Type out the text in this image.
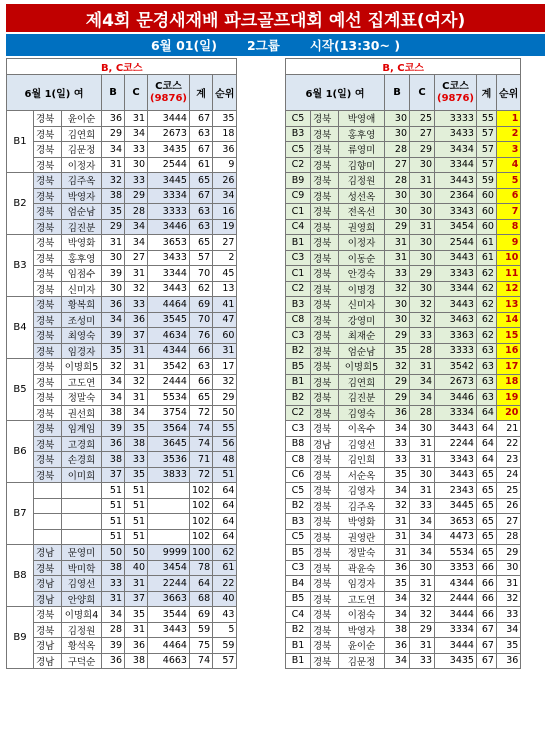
제4회 문경새재배 파크골프대회 예선 집계표(여자)
6월 01(일) 2그룹 시작(13:30~ )
B, C코스							
6월 1(일) 여			B	C	C코스
(9876)	계	순위
B1	경북	윤이순	36	31	3444	67	35
	경북	김연희	29	34	2673	63	18
	경북	김문정	34	33	3435	67	36
	경북	이정자	31	30	2544	61	9
B2	경북	김주옥	32	33	3445	65	26
	경북	박영자	38	29	3334	67	34
	경북	엄순남	35	28	3333	63	16
	경북	김진분	29	34	3446	63	19
B3	경북	박영화	31	34	3653	65	27
	경북	홍후영	30	27	3433	57	2
	경북	임점수	39	31	3344	70	45
	경북	신미자	30	32	3443	62	13
B4	경북	황복희	36	33	4464	69	41
	경북	조성미	34	36	3545	70	47
	경북	최영숙	39	37	4634	76	60
	경북	임경자	35	31	4344	66	31
B5	경북	이명희5	32	31	3542	63	17
	경북	고도연	34	32	2444	66	32
	경북	정말숙	34	31	5534	65	29
	경북	권선희	38	34	3754	72	50
B6	경북	임계임	39	35	3564	74	55
	경북	고경희	36	38	3645	74	56
	경북	손경희	38	33	3536	71	48
	경북	이미희	37	35	3833	72	51
B7			51	51		102	64
			51	51		102	64
			51	51		102	64
			51	51		102	64
B8	경남	문영미	50	50	9999	100	62
	경북	박미학	38	40	3454	78	61
	경남	김영선	33	31	2244	64	22
	경남	안양희	31	37	3663	68	40
B9	경북	이명희4	34	35	3544	69	43
	경북	김정원	28	31	3443	59	5
	경남	황석옥	39	36	4464	75	59
	경남	구덕순	36	38	4663	74	57
B, C코스							
6월 1(일) 여			B	C	C코스
(9876)	계	순위
C5	경북	박영애	30	25	3333	55	1
B3	경북	홍후영	30	27	3433	57	2
C5	경북	류영미	28	29	3434	57	3
C2	경북	김향미	27	30	3344	57	4
B9	경북	김정원	28	31	3443	59	5
C9	경북	성선옥	30	30	2364	60	6
C1	경북	전옥선	30	30	3343	60	7
C4	경북	권영희	29	31	3454	60	8
B1	경북	이정자	31	30	2544	61	9
C3	경북	이동순	31	30	3443	61	10
C1	경북	안경숙	33	29	3343	62	11
C2	경북	이명경	32	30	3344	62	12
B3	경북	신미자	30	32	3443	62	13
C8	경북	강영미	30	32	3463	62	14
C3	경북	최재순	29	33	3363	62	15
B2	경북	엄순남	35	28	3333	63	16
B5	경북	이명희5	32	31	3542	63	17
B1	경북	김연희	29	34	2673	63	18
B2	경북	김진분	29	34	3446	63	19
C2	경북	김영숙	36	28	3334	64	20
C3	경북	이옥수	34	30	3443	64	21
B8	경남	김영선	33	31	2244	64	22
C8	경북	김인희	33	31	3343	64	23
C6	경북	서순옥	35	30	3443	65	24
C5	경북	김영자	34	31	2343	65	25
B2	경북	김주옥	32	33	3445	65	26
B3	경북	박영화	31	34	3653	65	27
C5	경북	권영란	31	34	4473	65	28
B5	경북	정말숙	31	34	5534	65	29
C3	경북	곽윤숙	36	30	3353	66	30
B4	경북	임경자	35	31	4344	66	31
B5	경북	고도연	34	32	2444	66	32
C4	경북	이점숙	34	32	3444	66	33
B2	경북	박영자	38	29	3334	67	34
B1	경북	윤이순	36	31	3444	67	35
B1	경북	김문정	34	33	3435	67	36
